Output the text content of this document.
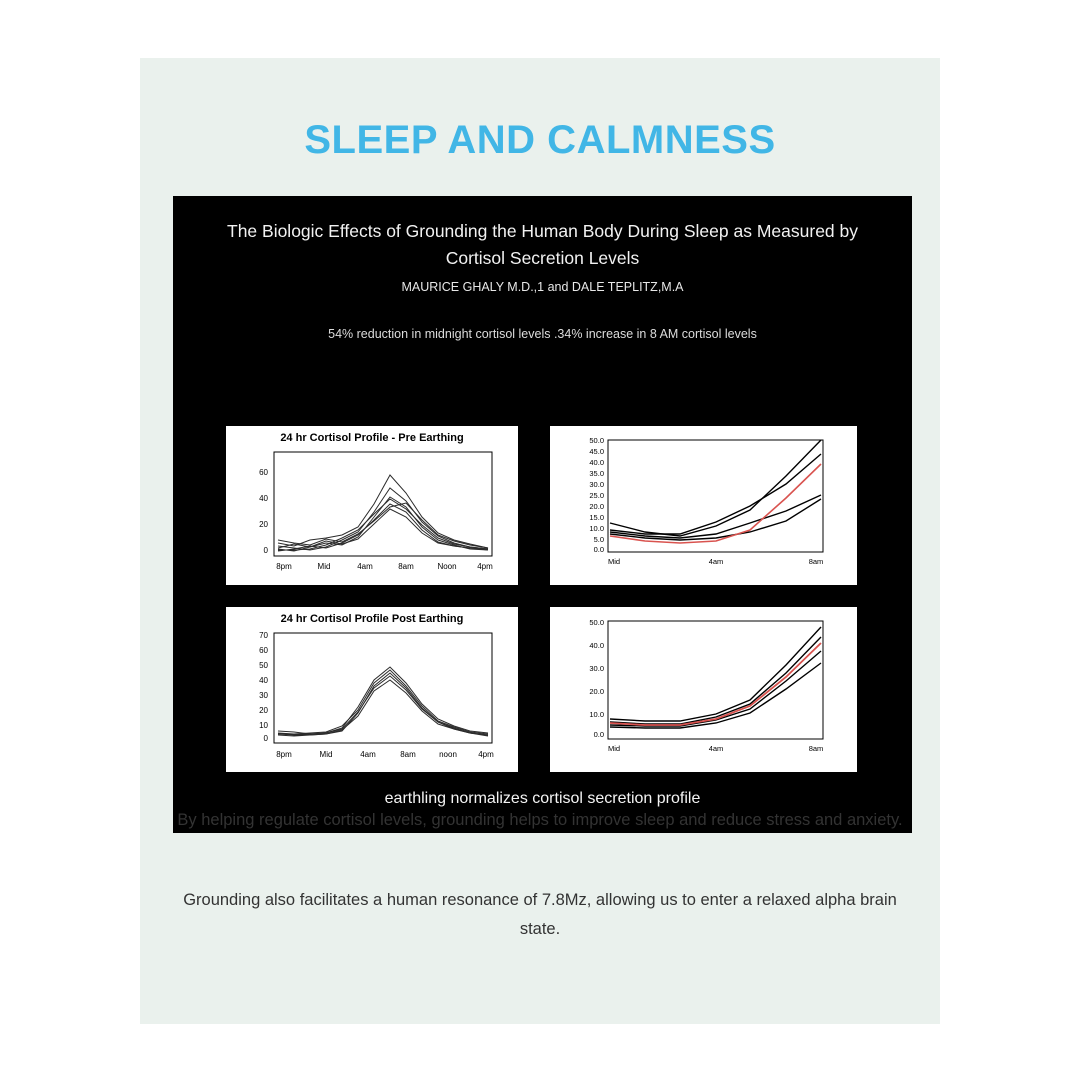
SLEEP AND CALMNESS
The Biologic Effects of Grounding the Human Body During Sleep as Measured by Cortisol Secretion Levels
MAURICE GHALY M.D.,1 and DALE TEPLITZ,M.A
54% reduction in midnight cortisol levels .34% increase in 8 AM cortisol levels
24 hr Cortisol Profile - Pre Earthing
0
20
40
60
8pm	Mid	4am	8am	Noon	4pm
50.0
45.0
40.0
35.0
30.0
25.0
20.0
15.0
10.0
5.0
0.0
Mid	4am	8am
24 hr Cortisol Profile Post Earthing
70
60
50
40
30
20
10
0
8pm	Mid	4am	8am	noon	4pm
50.0
40.0
30.0
20.0
10.0
0.0
Mid	4am	8am
earthling normalizes cortisol secretion profile
By helping regulate cortisol levels, grounding helps to improve sleep and reduce stress and anxiety.
Grounding also facilitates a human resonance of 7.8Mz, allowing us to enter a relaxed alpha brain state.
